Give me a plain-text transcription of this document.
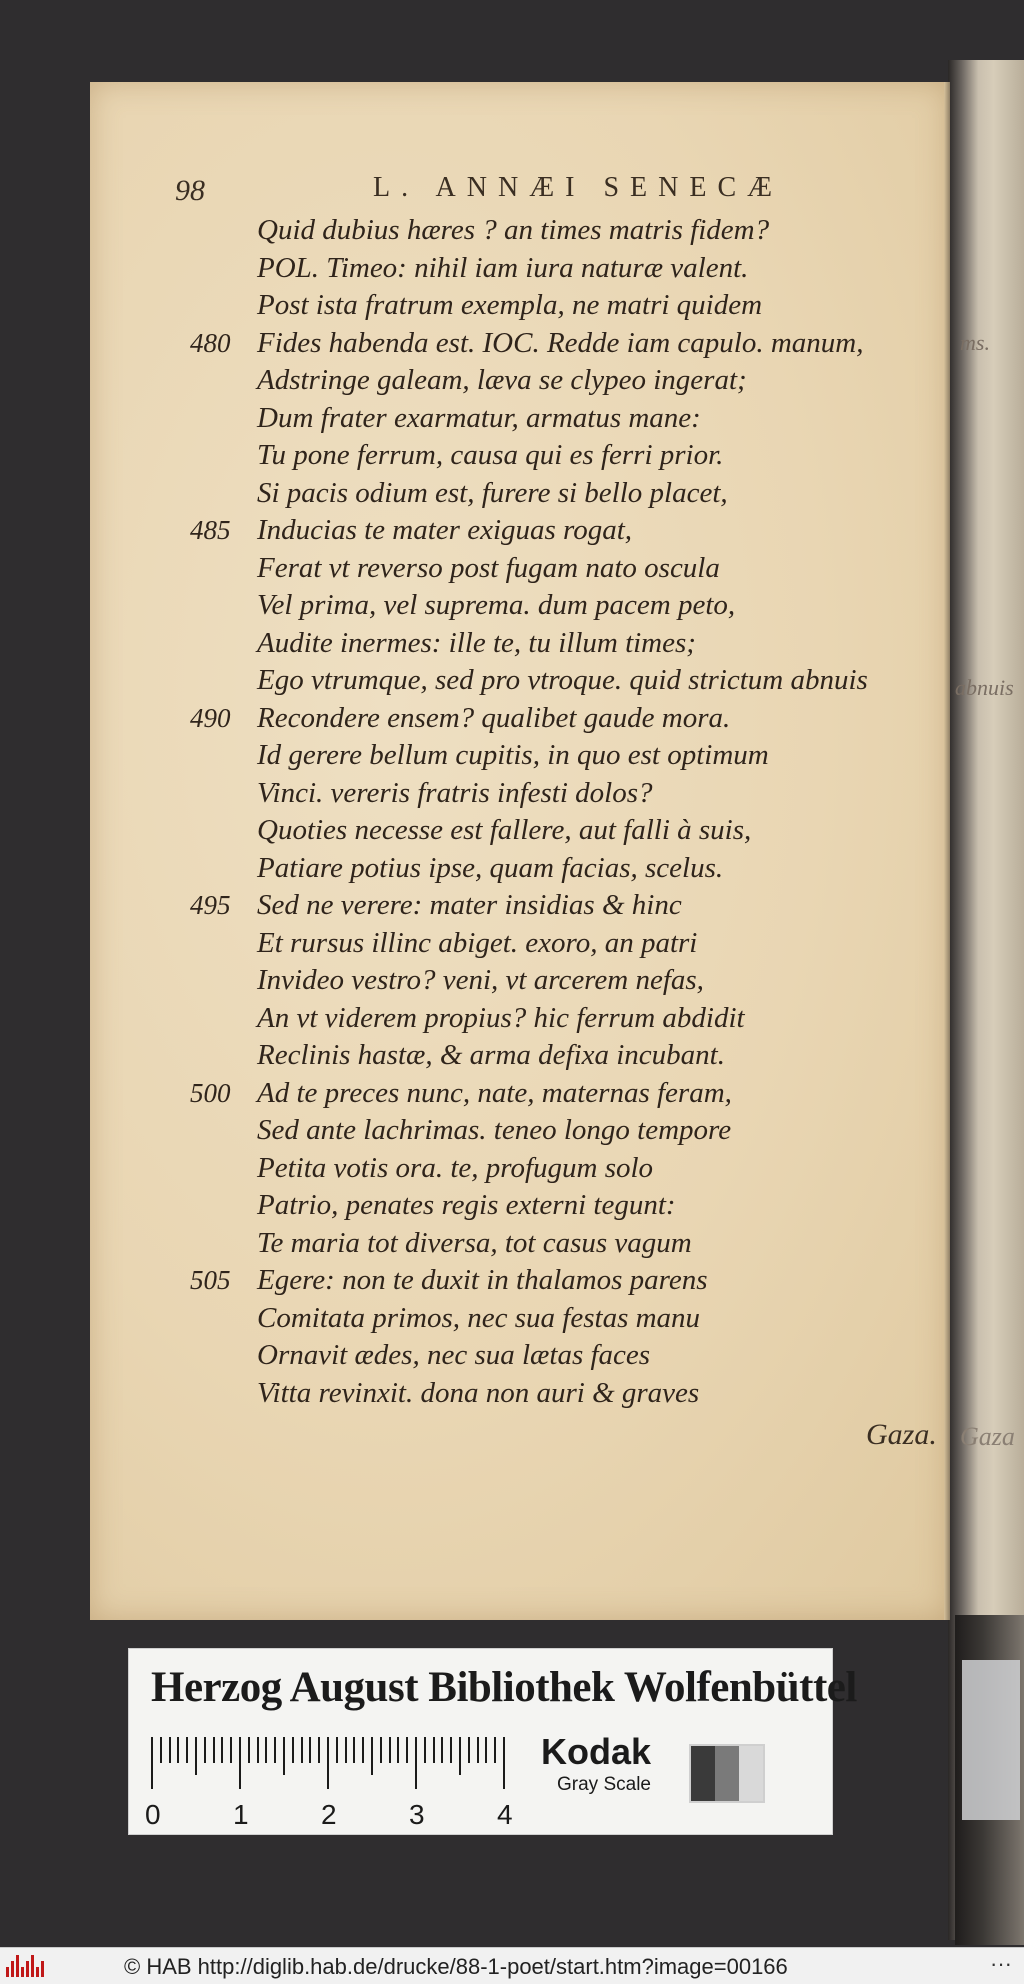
ms.
abnuis
Gaza
98	L. ANNÆI SENECÆ
Quid dubius hæres ? an times matris fidem?
POL. Timeo: nihil iam iura naturæ valent.
Post ista fratrum exempla, ne matri quidem
480 Fides habenda est. IOC. Redde iam capulo. manum,
Adstringe galeam, læva se clypeo ingerat;
Dum frater exarmatur, armatus mane:
Tu pone ferrum, causa qui es ferri prior.
Si pacis odium est, furere si bello placet,
485 Inducias te mater exiguas rogat,
Ferat vt reverso post fugam nato oscula
Vel prima, vel suprema. dum pacem peto,
Audite inermes: ille te, tu illum times;
Ego vtrumque, sed pro vtroque. quid strictum abnuis
490 Recondere ensem? qualibet gaude mora.
Id gerere bellum cupitis, in quo est optimum
Vinci. vereris fratris infesti dolos?
Quoties necesse est fallere, aut falli à suis,
Patiare potius ipse, quam facias, scelus.
495 Sed ne verere: mater insidias & hinc
Et rursus illinc abiget. exoro, an patri
Invideo vestro? veni, vt arcerem nefas,
An vt viderem propius? hic ferrum abdidit
Reclinis hastæ, & arma defixa incubant.
500 Ad te preces nunc, nate, maternas feram,
Sed ante lachrimas. teneo longo tempore
Petita votis ora. te, profugum solo
Patrio, penates regis externi tegunt:
Te maria tot diversa, tot casus vagum
505 Egere: non te duxit in thalamos parens
Comitata primos, nec sua festas manu
Ornavit ædes, nec sua lætas faces
Vitta revinxit. dona non auri & graves
Gaza.
Herzog August Bibliothek Wolfenbüttel
0	1	2	3	4
Kodak
Gray Scale
© HAB http://diglib.hab.de/drucke/88-1-poet/start.htm?image=00166	···
